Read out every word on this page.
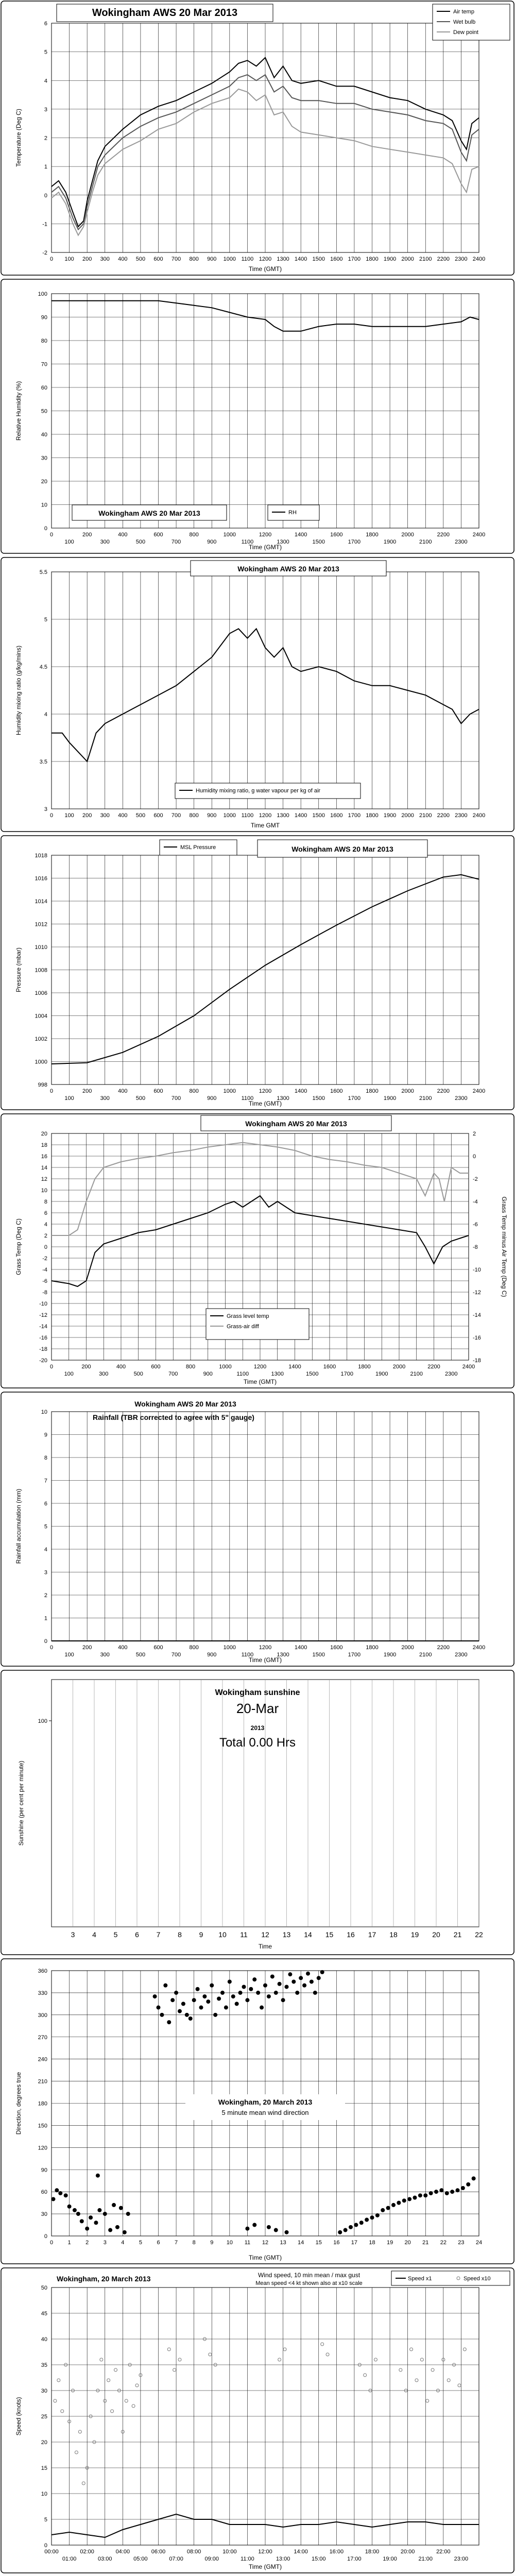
-2
-1
0
1
2
3
4
5
6
0 100 200 300 400 500 600 700 800 900 1000 1100 1200 1300 1400 1500 1600 1700 1800 1900 2000 2100 2200 2300 2400
Time (GMT)
Temperature (Deg C)
Wokingham AWS 20 Mar 2013	Air temp
Wet bulb
Dew point
0
10
20
30
40
50
60
70
80
90
100
0
100
200
300
400
500
600
700
800
900
1000
1100
1200
1300
1400
1500
1600
1700
1800
1900
2000
2100
2200
2300
2400
Time (GMT)
Relative Humidity (%)
Wokingham AWS 20 Mar 2013	RH
3
3.5
4
4.5
5
5.5
0 100 200 300 400 500 600 700 800 900 1000 1100 1200 1300 1400 1500 1600 1700 1800 1900 2000 2100 2200 2300 2400
Time GMT
Humidity mixing ratio (g/kg/mins)
Wokingham AWS 20 Mar 2013
Humidity mixing ratio, g water vapour per kg of air
998
1000
1002
1004
1006
1008
1010
1012
1014
1016
1018
0
100
200
300
400
500
600
700
800
900
1000
1100
1200
1300
1400
1500
1600
1700
1800
1900
2000
2100
2200
2300
2400
Time (GMT)
Pressure (mbar)
Wokingham AWS 20 Mar 2013
MSL Pressure
-20
-18
-16
-14
-12
-10
-8
-6
-4
-2
0
2
4
6
8
10
12
14
16
18
20
0
100
200
300
400
500
600
700
800
900
1000
1100
1200
1300
1400
1500
1600
1700
1800
1900
2000
2100
2200
2300
2400
Time (GMT)
Grass Temp (Deg C)
-18
-16
-14
-12
-10
-8
-6
-4
-2
0
2
Grass Temp minus Air Temp (Deg C)
Wokingham AWS 20 Mar 2013
Grass level temp
Grass-air diff
0
1
2
3
4
5
6
7
8
9
10
0
100
200
300
400
500
600
700
800
900
1000
1100
1200
1300
1400
1500
1600
1700
1800
1900
2000
2100
2200
2300
2400
Time (GMT)
Rainfall accumulation (mm)
Wokingham AWS 20 Mar 2013
Rainfall (TBR corrected to agree with 5" gauge)
3 4 5 6 7 8 9 10 11 12 13 14 15 16 17 18 19 20 21 22
100
Time
Sunshine (per cent per minute)
Wokingham sunshine
20-Mar
2013
Total 0.00 Hrs
0
30
60
90
120
150
180
210
240
270
300
330
360
0	1	2	3	4	5	6	7	8	9 10 11 12 13 14 15 16 17 18 19 20 21 22 23 24
Time (GMT)
Direction, degrees true	Wokingham, 20 March 2013
5 minute mean wind direction
0
5
10
15
20
25
30
35
40
45
50
00:00
01:00
02:00
03:00
04:00
05:00
06:00
07:00
08:00
09:00
10:00
11:00
12:00
13:00
14:00
15:00
16:00
17:00
18:00
19:00
20:00
21:00
22:00
23:00
Time (GMT)
Speed (knots)
Wokingham, 20 March 2013	Wind speed, 10 min mean / max gust
Mean speed <4 kt shown also at x10 scale
Speed x1	Speed x10
